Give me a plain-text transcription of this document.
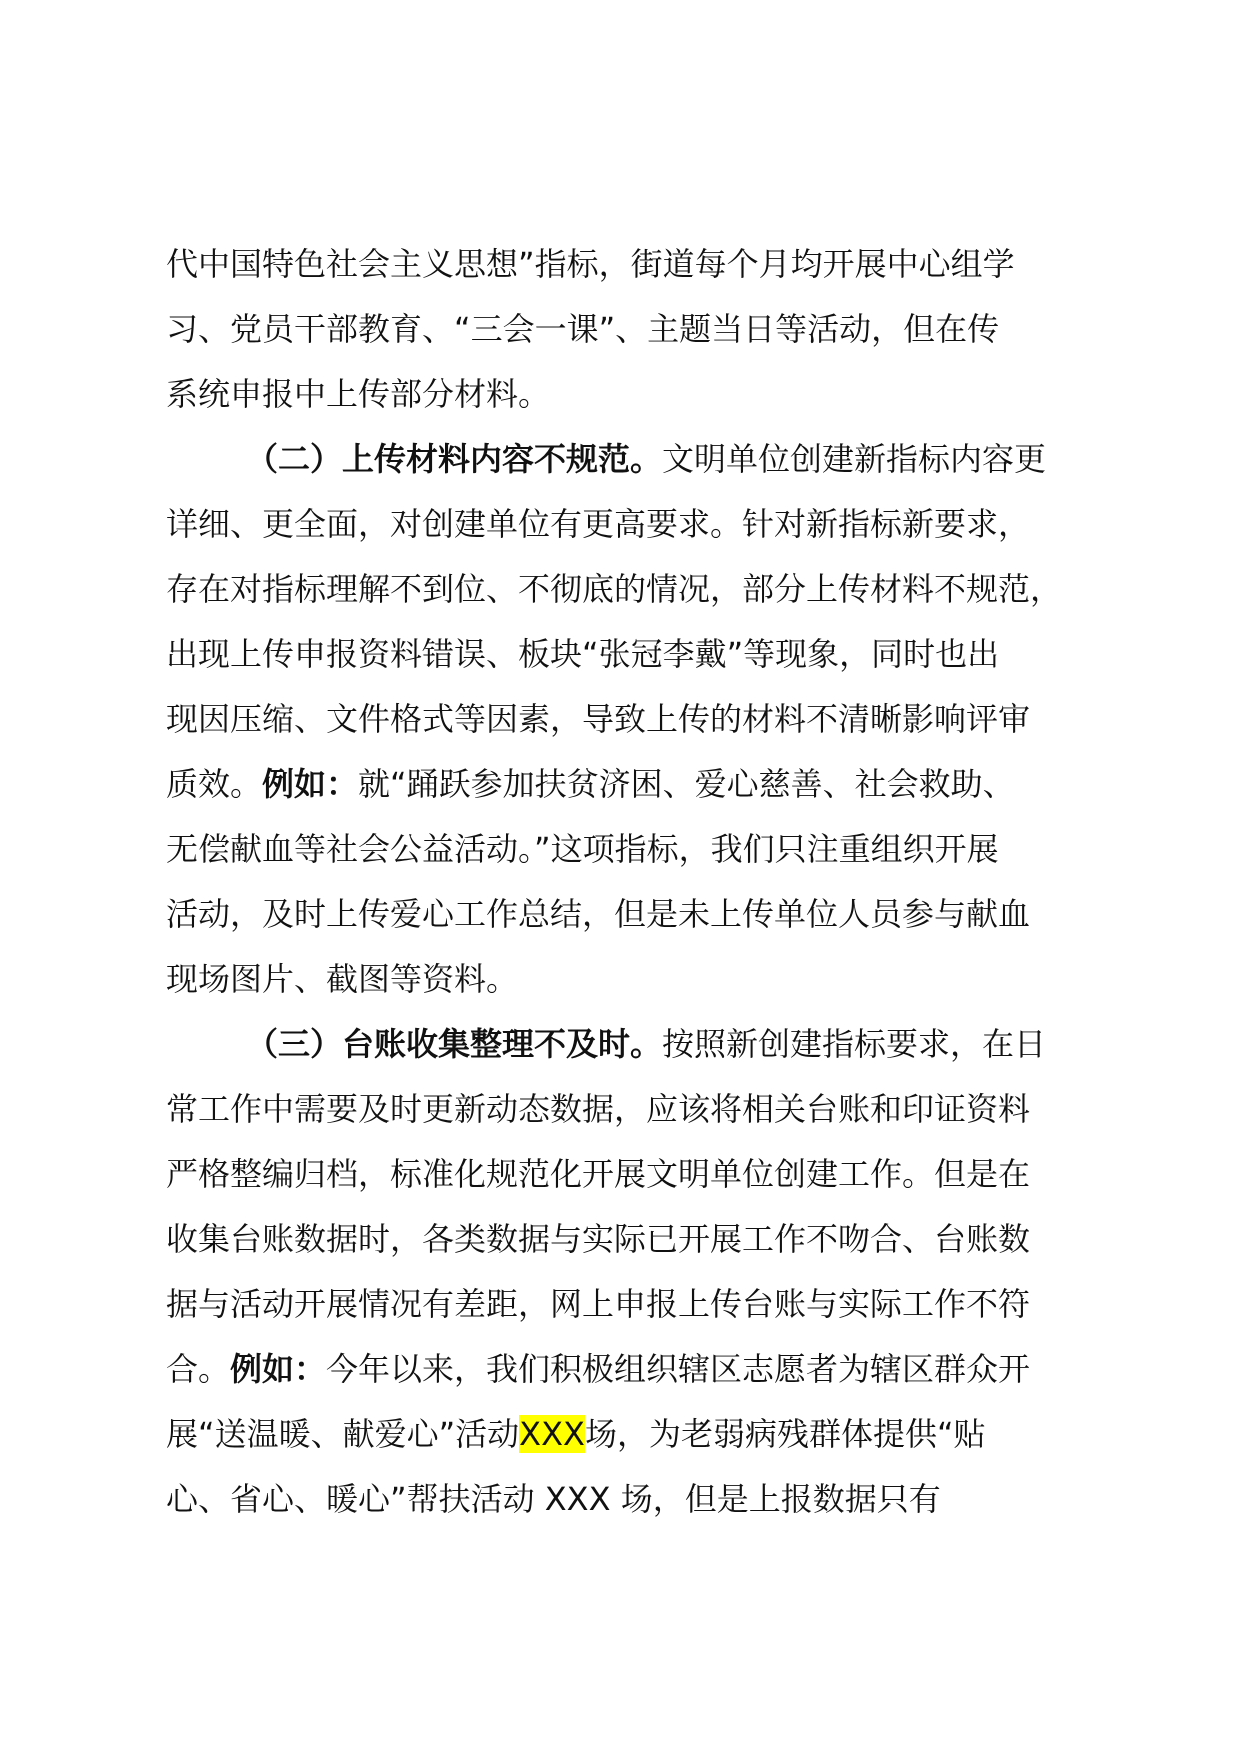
代中国特色社会主义思想”指标，街道每个月均开展中心组学
习、党员干部教育、“三会一课”、主题当日等活动，但在传
系统申报中上传部分材料。
（二）上传材料内容不规范。文明单位创建新指标内容更
详细、更全面，对创建单位有更高要求。针对新指标新要求，
存在对指标理解不到位、不彻底的情况，部分上传材料不规范，
出现上传申报资料错误、板块“张冠李戴”等现象，同时也出
现因压缩、文件格式等因素，导致上传的材料不清晰影响评审
质效。例如：就“踊跃参加扶贫济困、爱心慈善、社会救助、
无偿献血等社会公益活动。”这项指标，我们只注重组织开展
活动，及时上传爱心工作总结，但是未上传单位人员参与献血
现场图片、截图等资料。
（三）台账收集整理不及时。按照新创建指标要求，在日
常工作中需要及时更新动态数据，应该将相关台账和印证资料
严格整编归档，标准化规范化开展文明单位创建工作。但是在
收集台账数据时，各类数据与实际已开展工作不吻合、台账数
据与活动开展情况有差距，网上申报上传台账与实际工作不符
合。例如：今年以来，我们积极组织辖区志愿者为辖区群众开
展“送温暖、献爱心”活动XXX场，为老弱病残群体提供“贴
心、省心、暖心”帮扶活动 XXX 场，但是上报数据只有
